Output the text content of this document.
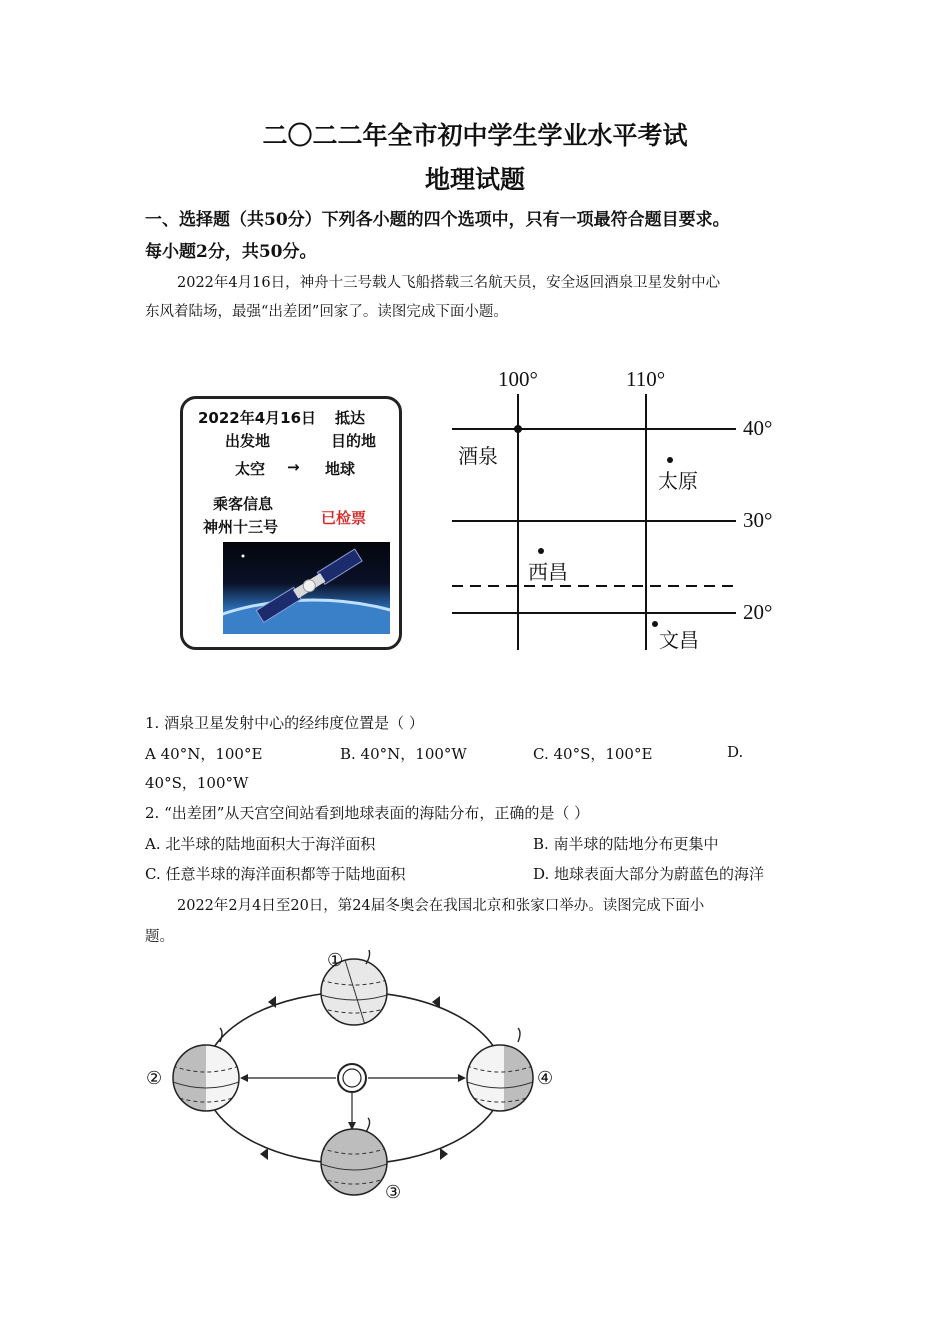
二〇二二年全市初中学生学业水平考试
地理试题
一、选择题（共50分）下列各小题的四个选项中，只有一项最符合题目要求。
每小题2分，共50分。
2022年4月16日，神舟十三号载人飞船搭载三名航天员，安全返回酒泉卫星发射中心
东风着陆场，最强“出差团”回家了。读图完成下面小题。
2022年4月16日 抵达
出发地	目的地
太空 → 地球
乘客信息
神州十三号	已检票
100°	110°
40°
30°
20°
酒泉
太原
西昌
文昌
1. 酒泉卫星发射中心的经纬度位置是（ ）
A 40°N，100°E	B. 40°N，100°W	C. 40°S，100°E	D.
40°S，100°W
2. “出差团”从天宫空间站看到地球表面的海陆分布，正确的是（ ）
A. 北半球的陆地面积大于海洋面积	B. 南半球的陆地分布更集中
C. 任意半球的海洋面积都等于陆地面积	D. 地球表面大部分为蔚蓝色的海洋
2022年2月4日至20日，第24届冬奥会在我国北京和张家口举办。读图完成下面小
题。
①
②
③
④
